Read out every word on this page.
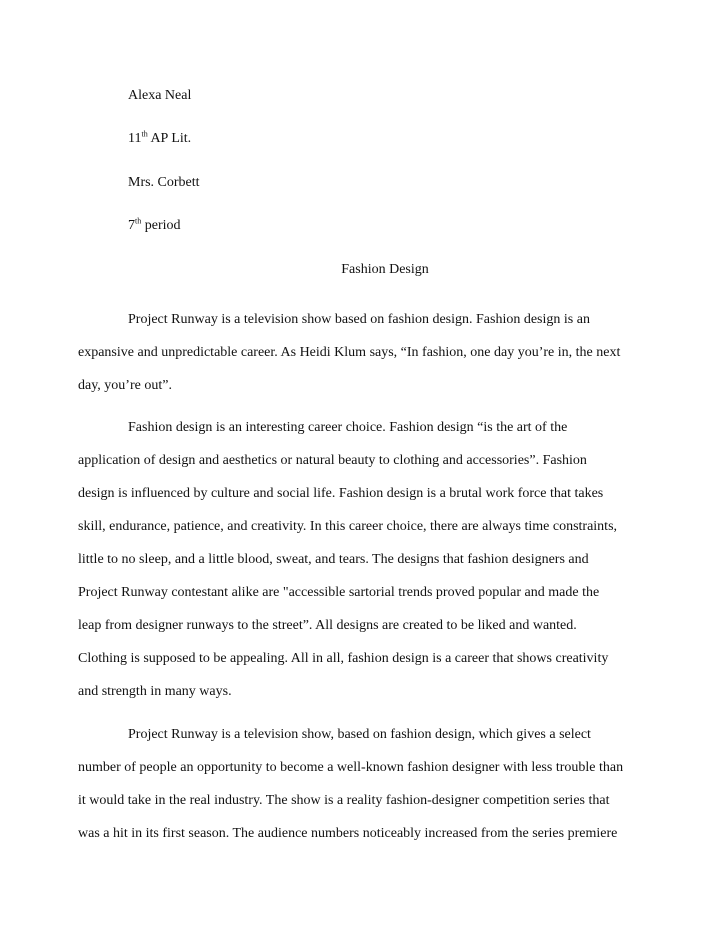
Alexa Neal
11th AP Lit.
Mrs. Corbett
7th period
Fashion Design
Project Runway is a television show based on fashion design. Fashion design is an
expansive and unpredictable career. As Heidi Klum says, “In fashion, one day you’re in, the next
day, you’re out”.
Fashion design is an interesting career choice. Fashion design “is the art of the
application of design and aesthetics or natural beauty to clothing and accessories”. Fashion
design is influenced by culture and social life. Fashion design is a brutal work force that takes
skill, endurance, patience, and creativity. In this career choice, there are always time constraints,
little to no sleep, and a little blood, sweat, and tears. The designs that fashion designers and
Project Runway contestant alike are "accessible sartorial trends proved popular and made the
leap from designer runways to the street”. All designs are created to be liked and wanted.
Clothing is supposed to be appealing. All in all, fashion design is a career that shows creativity
and strength in many ways.
Project Runway is a television show, based on fashion design, which gives a select
number of people an opportunity to become a well-known fashion designer with less trouble than
it would take in the real industry. The show is a reality fashion-designer competition series that
was a hit in its first season. The audience numbers noticeably increased from the series premiere
